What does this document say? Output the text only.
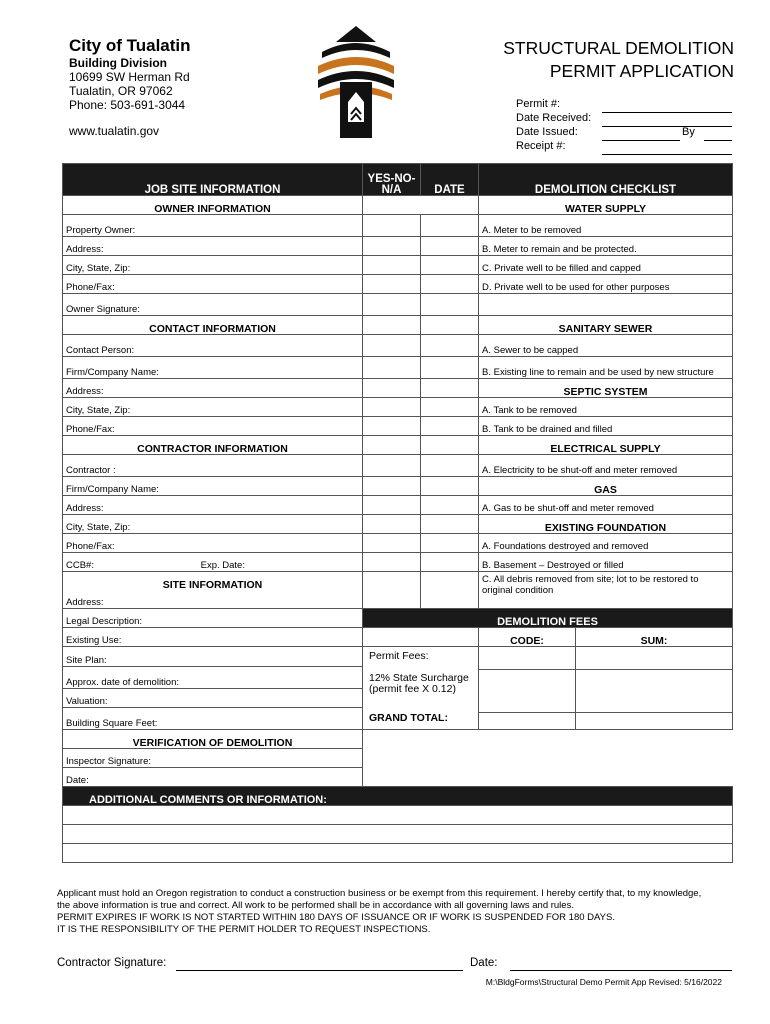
City of Tualatin
Building Division
10699 SW Herman Rd
Tualatin, OR 97062
Phone: 503-691-3044
www.tualatin.gov
STRUCTURAL DEMOLITION
PERMIT APPLICATION
Permit #:
Date Received:
Date Issued:	By
Receipt #:
JOB SITE INFORMATION	YES-NO-N/A	DATE	DEMOLITION CHECKLIST
OWNER INFORMATION			WATER SUPPLY
Property Owner:			A. Meter to be removed
Address:			B. Meter to remain and be protected.
City, State, Zip:			C. Private well to be filled and capped
Phone/Fax:			D. Private well to be used for other purposes
Owner Signature:			
CONTACT INFORMATION			SANITARY SEWER
Contact Person:			A. Sewer to be capped
Firm/Company Name:			B. Existing line to remain and be used by new structure
Address:			SEPTIC SYSTEM
City, State, Zip:			A. Tank to be removed
Phone/Fax:			B. Tank to be drained and filled
CONTRACTOR INFORMATION			ELECTRICAL SUPPLY
Contractor :			A. Electricity to be shut-off and meter removed
Firm/Company Name:			GAS
Address:			A. Gas to be shut-off and meter removed
City, State, Zip:			EXISTING FOUNDATION
Phone/Fax:			A. Foundations destroyed and removed
CCB#: Exp. Date:			B. Basement – Destroyed or filled
SITE INFORMATION			C. All debris removed from site; lot to be restored to original condition
Address:			
Legal Description:	DEMOLITION FEES		
Existing Use:			CODE: SUM:

Site Plan:	Permit Fees:
12% State Surcharge (permit fee X 0.12)
GRAND TOTAL:		

Approx. date of demolition:			
Valuation:			
Building Square Feet:			
VERIFICATION OF DEMOLITION			
Inspector Signature:			
Date:			
ADDITIONAL COMMENTS OR INFORMATION:			

Applicant must hold an Oregon registration to conduct a construction business or be exempt from this requirement. I hereby certify that, to my knowledge, the above information is true and correct. All work to be performed shall be in accordance with all governing laws and rules.
PERMIT EXPIRES IF WORK IS NOT STARTED WITHIN 180 DAYS OF ISSUANCE OR IF WORK IS SUSPENDED FOR 180 DAYS.
IT IS THE RESPONSIBILITY OF THE PERMIT HOLDER TO REQUEST INSPECTIONS.
Contractor Signature:	Date:
M:\BldgForms\Structural Demo Permit App Revised: 5/16/2022
